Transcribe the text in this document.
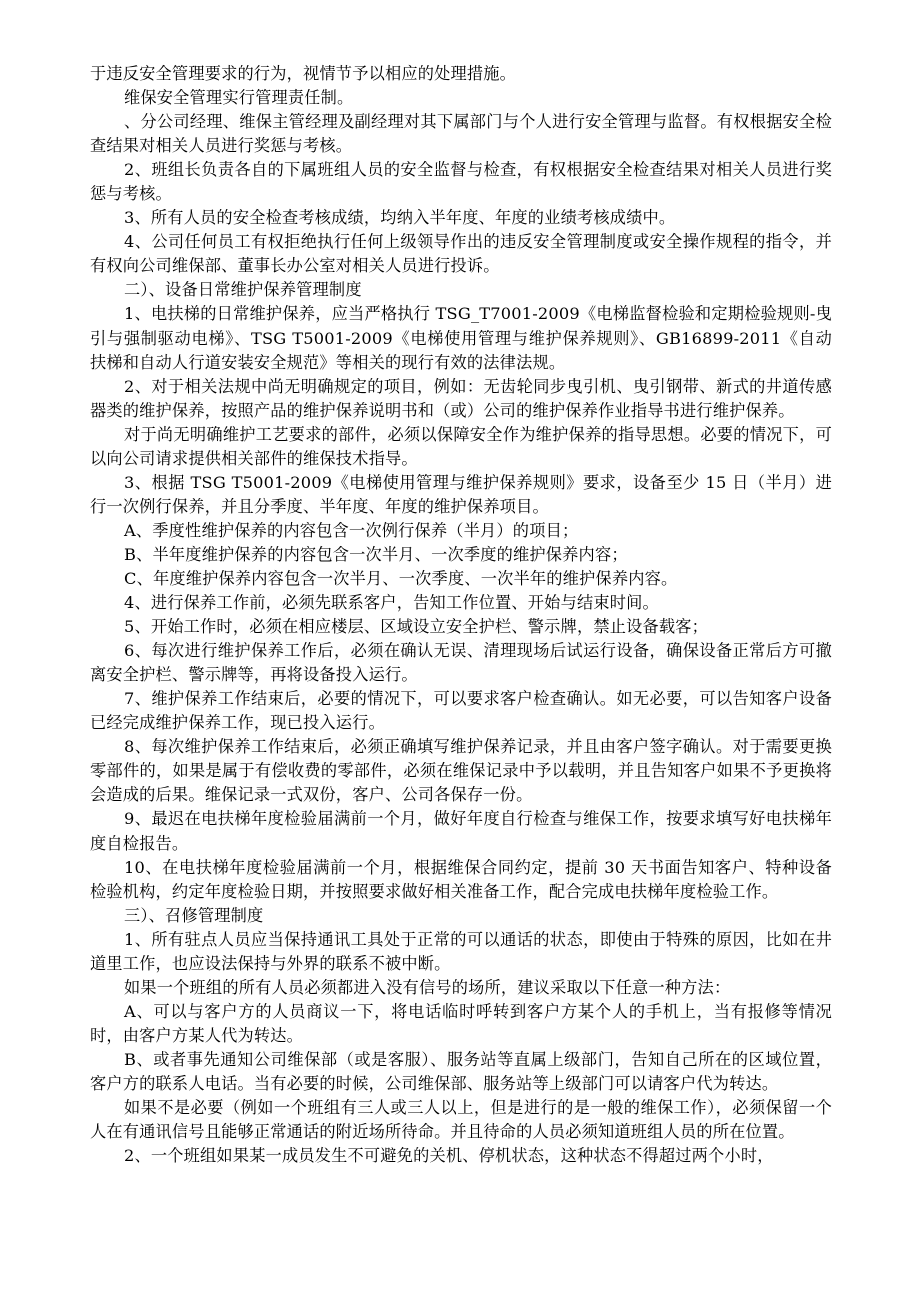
于违反安全管理要求的行为，视情节予以相应的处理措施。

维保安全管理实行管理责任制。

、分公司经理、维保主管经理及副经理对其下属部门与个人进行安全管理与监督。有权根据安全检查结果对相关人员进行奖惩与考核。

2、班组长负责各自的下属班组人员的安全监督与检查，有权根据安全检查结果对相关人员进行奖惩与考核。

3、所有人员的安全检查考核成绩，均纳入半年度、年度的业绩考核成绩中。

4、公司任何员工有权拒绝执行任何上级领导作出的违反安全管理制度或安全操作规程的指令，并有权向公司维保部、董事长办公室对相关人员进行投诉。

二）、设备日常维护保养管理制度

1、电扶梯的日常维护保养，应当严格执行 TSG_T7001-2009《电梯监督检验和定期检验规则-曳引与强制驱动电梯》、TSG T5001-2009《电梯使用管理与维护保养规则》、GB16899-2011《自动扶梯和自动人行道安装安全规范》等相关的现行有效的法律法规。

2、对于相关法规中尚无明确规定的项目，例如：无齿轮同步曳引机、曳引钢带、新式的井道传感器类的维护保养，按照产品的维护保养说明书和（或）公司的维护保养作业指导书进行维护保养。

对于尚无明确维护工艺要求的部件，必须以保障安全作为维护保养的指导思想。必要的情况下，可以向公司请求提供相关部件的维保技术指导。

3、根据 TSG T5001-2009《电梯使用管理与维护保养规则》要求，设备至少 15 日（半月）进行一次例行保养，并且分季度、半年度、年度的维护保养项目。

A、季度性维护保养的内容包含一次例行保养（半月）的项目；

B、半年度维护保养的内容包含一次半月、一次季度的维护保养内容；

C、年度维护保养内容包含一次半月、一次季度、一次半年的维护保养内容。

4、进行保养工作前，必须先联系客户，告知工作位置、开始与结束时间。

5、开始工作时，必须在相应楼层、区域设立安全护栏、警示牌，禁止设备载客；

6、每次进行维护保养工作后，必须在确认无误、清理现场后试运行设备，确保设备正常后方可撤离安全护栏、警示牌等，再将设备投入运行。

7、维护保养工作结束后，必要的情况下，可以要求客户检查确认。如无必要，可以告知客户设备已经完成维护保养工作，现已投入运行。

8、每次维护保养工作结束后，必须正确填写维护保养记录，并且由客户签字确认。对于需要更换零部件的，如果是属于有偿收费的零部件，必须在维保记录中予以载明，并且告知客户如果不予更换将会造成的后果。维保记录一式双份，客户、公司各保存一份。

9、最迟在电扶梯年度检验届满前一个月，做好年度自行检查与维保工作，按要求填写好电扶梯年度自检报告。

10、在电扶梯年度检验届满前一个月，根据维保合同约定，提前 30 天书面告知客户、特种设备检验机构，约定年度检验日期，并按照要求做好相关准备工作，配合完成电扶梯年度检验工作。

三）、召修管理制度

1、所有驻点人员应当保持通讯工具处于正常的可以通话的状态，即使由于特殊的原因，比如在井道里工作，也应设法保持与外界的联系不被中断。

如果一个班组的所有人员必须都进入没有信号的场所，建议采取以下任意一种方法：

A、可以与客户方的人员商议一下，将电话临时呼转到客户方某个人的手机上，当有报修等情况时，由客户方某人代为转达。

B、或者事先通知公司维保部（或是客服）、服务站等直属上级部门，告知自己所在的区域位置，客户方的联系人电话。当有必要的时候，公司维保部、服务站等上级部门可以请客户代为转达。

如果不是必要（例如一个班组有三人或三人以上，但是进行的是一般的维保工作），必须保留一个人在有通讯信号且能够正常通话的附近场所待命。并且待命的人员必须知道班组人员的所在位置。

2、一个班组如果某一成员发生不可避免的关机、停机状态，这种状态不得超过两个小时，
